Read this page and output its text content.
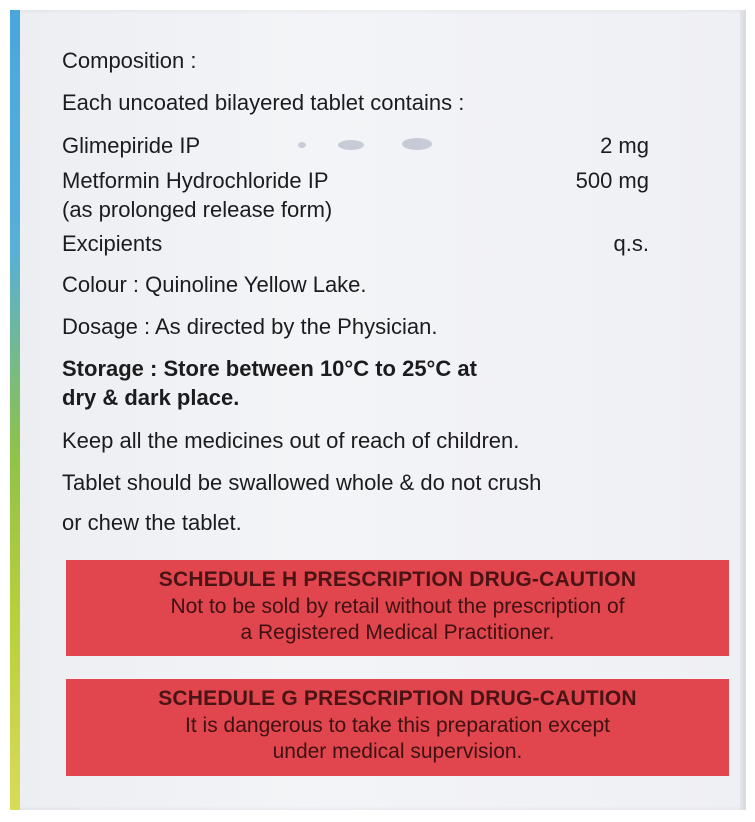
Composition :
Each uncoated bilayered tablet contains :
Glimepiride IP	2 mg
Metformin Hydrochloride IP	500 mg
(as prolonged release form)
Excipients	q.s.
Colour : Quinoline Yellow Lake.
Dosage : As directed by the Physician.
Storage : Store between 10°C to 25°C at
dry & dark place.
Keep all the medicines out of reach of children.
Tablet should be swallowed whole & do not crush
or chew the tablet.
SCHEDULE H PRESCRIPTION DRUG-CAUTION
Not to be sold by retail without the prescription of
a Registered Medical Practitioner.
SCHEDULE G PRESCRIPTION DRUG-CAUTION
It is dangerous to take this preparation except
under medical supervision.
